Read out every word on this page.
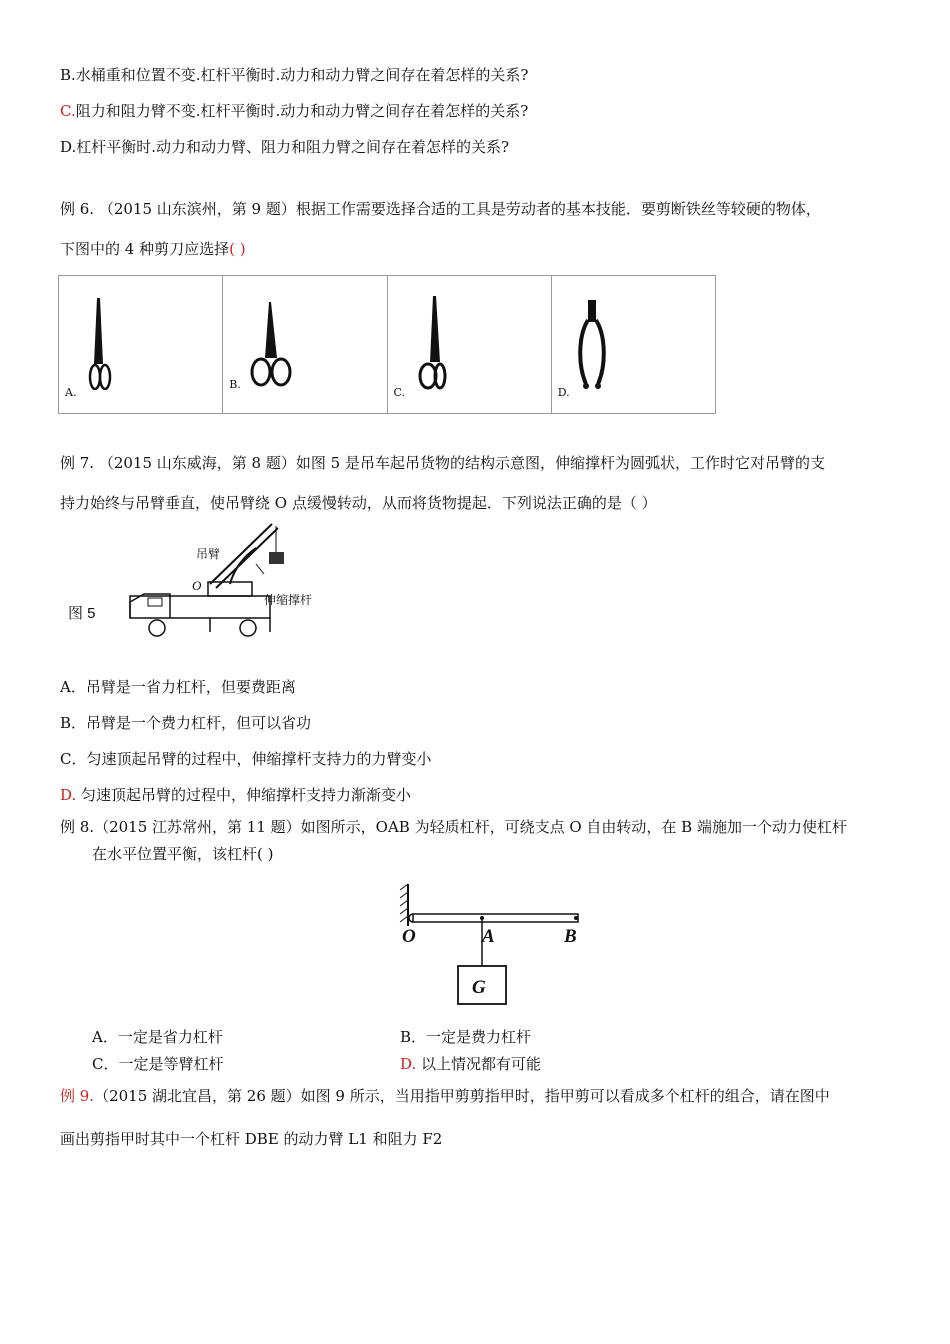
B.水桶重和位置不变.杠杆平衡时.动力和动力臂之间存在着怎样的关系?
C.阻力和阻力臂不变.杠杆平衡时.动力和动力臂之间存在着怎样的关系?
D.杠杆平衡时.动力和动力臂、阻力和阻力臂之间存在着怎样的关系?
例 6. （2015 山东滨州，第 9 题）根据工作需要选择合适的工具是劳动者的基本技能．要剪断铁丝等较硬的物体，
下图中的 4 种剪刀应选择( )
A.
B.
C.	D.
例 7. （2015 山东威海，第 8 题）如图 5 是吊车起吊货物的结构示意图，伸缩撑杆为圆弧状，工作时它对吊臂的支
持力始终与吊臂垂直，使吊臂绕 O 点缓慢转动，从而将货物提起．下列说法正确的是（ ）
图 5
吊臂
O
伸缩撑杆
A．吊臂是一省力杠杆，但要费距离
B．吊臂是一个费力杠杆，但可以省功
C．匀速顶起吊臂的过程中，伸缩撑杆支持力的力臂变小
D. 匀速顶起吊臂的过程中，伸缩撑杆支持力渐渐变小
例 8.（2015 江苏常州，第 11 题）如图所示，OAB 为轻质杠杆，可绕支点 O 自由转动，在 B 端施加一个动力使杠杆
在水平位置平衡，该杠杆( )
O	A	B
G
A．一定是省力杠杆	B．一定是费力杠杆
C．一定是等臂杠杆	D. 以上情况都有可能
例 9.（2015 湖北宜昌，第 26 题）如图 9 所示，当用指甲剪剪指甲时，指甲剪可以看成多个杠杆的组合，请在图中
画出剪指甲时其中一个杠杆 DBE 的动力臂 L1 和阻力 F2
